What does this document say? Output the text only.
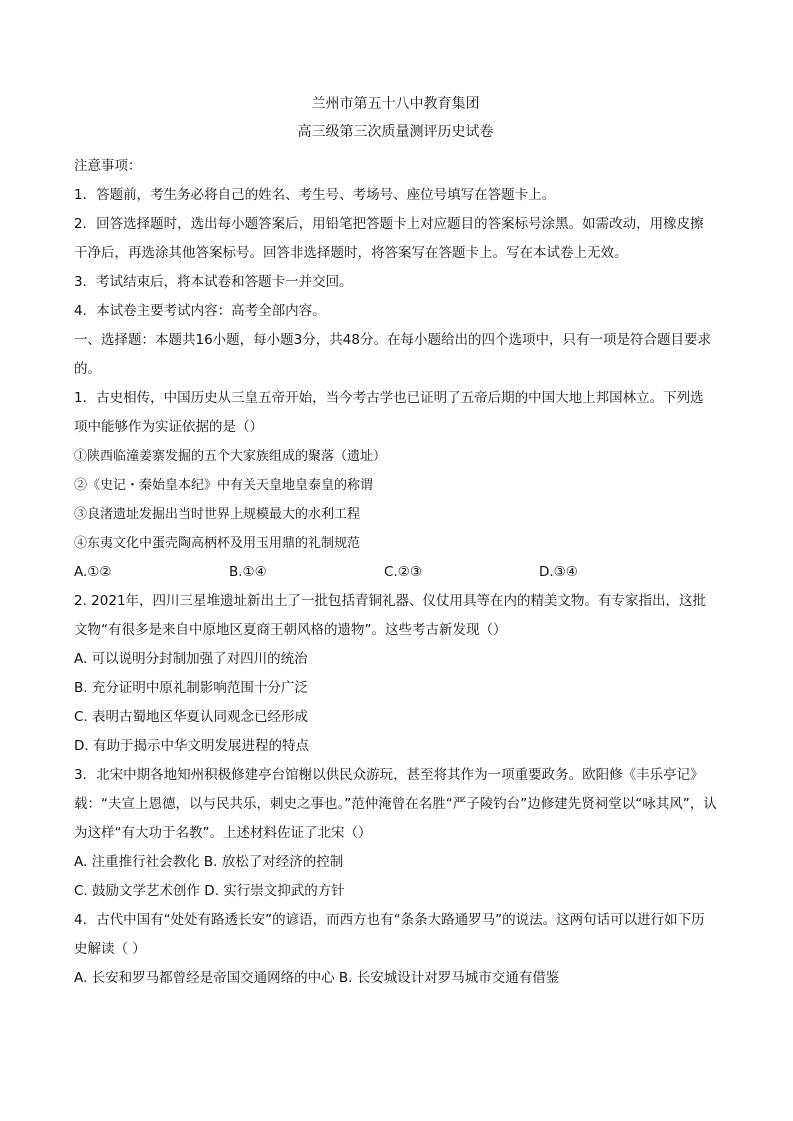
兰州市第五十八中教育集团
高三级第三次质量测评历史试卷
注意事项：
1．答题前，考生务必将自己的姓名、考生号、考场号、座位号填写在答题卡上。
2．回答选择题时，选出每小题答案后，用铅笔把答题卡上对应题目的答案标号涂黑。如需改动，用橡皮擦干净后，再选涂其他答案标号。回答非选择题时，将答案写在答题卡上。写在本试卷上无效。
3．考试结束后，将本试卷和答题卡一并交回。
4．本试卷主要考试内容：高考全部内容。
一、选择题：本题共16小题，每小题3分，共48分。在每小题给出的四个选项中，只有一项是符合题目要求的。
1．古史相传，中国历史从三皇五帝开始，当今考古学也已证明了五帝后期的中国大地上邦国林立。下列选项中能够作为实证依据的是（）
①陕西临潼姜寨发掘的五个大家族组成的聚落（遗址）
②《史记・秦始皇本纪》中有关天皇地皇泰皇的称谓
③良渚遗址发掘出当时世界上规模最大的水利工程
④东夷文化中蛋壳陶高柄杯及用玉用鼎的礼制规范
A.①②	B.①④	C.②③	D.③④
2. 2021年，四川三星堆遗址新出土了一批包括青铜礼器、仪仗用具等在内的精美文物。有专家指出，这批文物“有很多是来自中原地区夏商王朝风格的遗物”。这些考古新发现（）
A. 可以说明分封制加强了对四川的统治
B. 充分证明中原礼制影响范围十分广泛
C. 表明古蜀地区华夏认同观念已经形成
D. 有助于揭示中华文明发展进程的特点
3．北宋中期各地知州积极修建亭台馆榭以供民众游玩，甚至将其作为一项重要政务。欧阳修《丰乐亭记》载：“夫宣上恩德，以与民共乐，刺史之事也。”范仲淹曾在名胜“严子陵钓台”边修建先贤祠堂以“咏其风”，认为这样“有大功于名教”。上述材料佐证了北宋（）
A. 注重推行社会教化 B. 放松了对经济的控制
C. 鼓励文学艺术创作 D. 实行崇文抑武的方针
4．古代中国有“处处有路透长安”的谚语，而西方也有“条条大路通罗马”的说法。这两句话可以进行如下历史解读（ ）
A. 长安和罗马都曾经是帝国交通网络的中心 B. 长安城设计对罗马城市交通有借鉴
